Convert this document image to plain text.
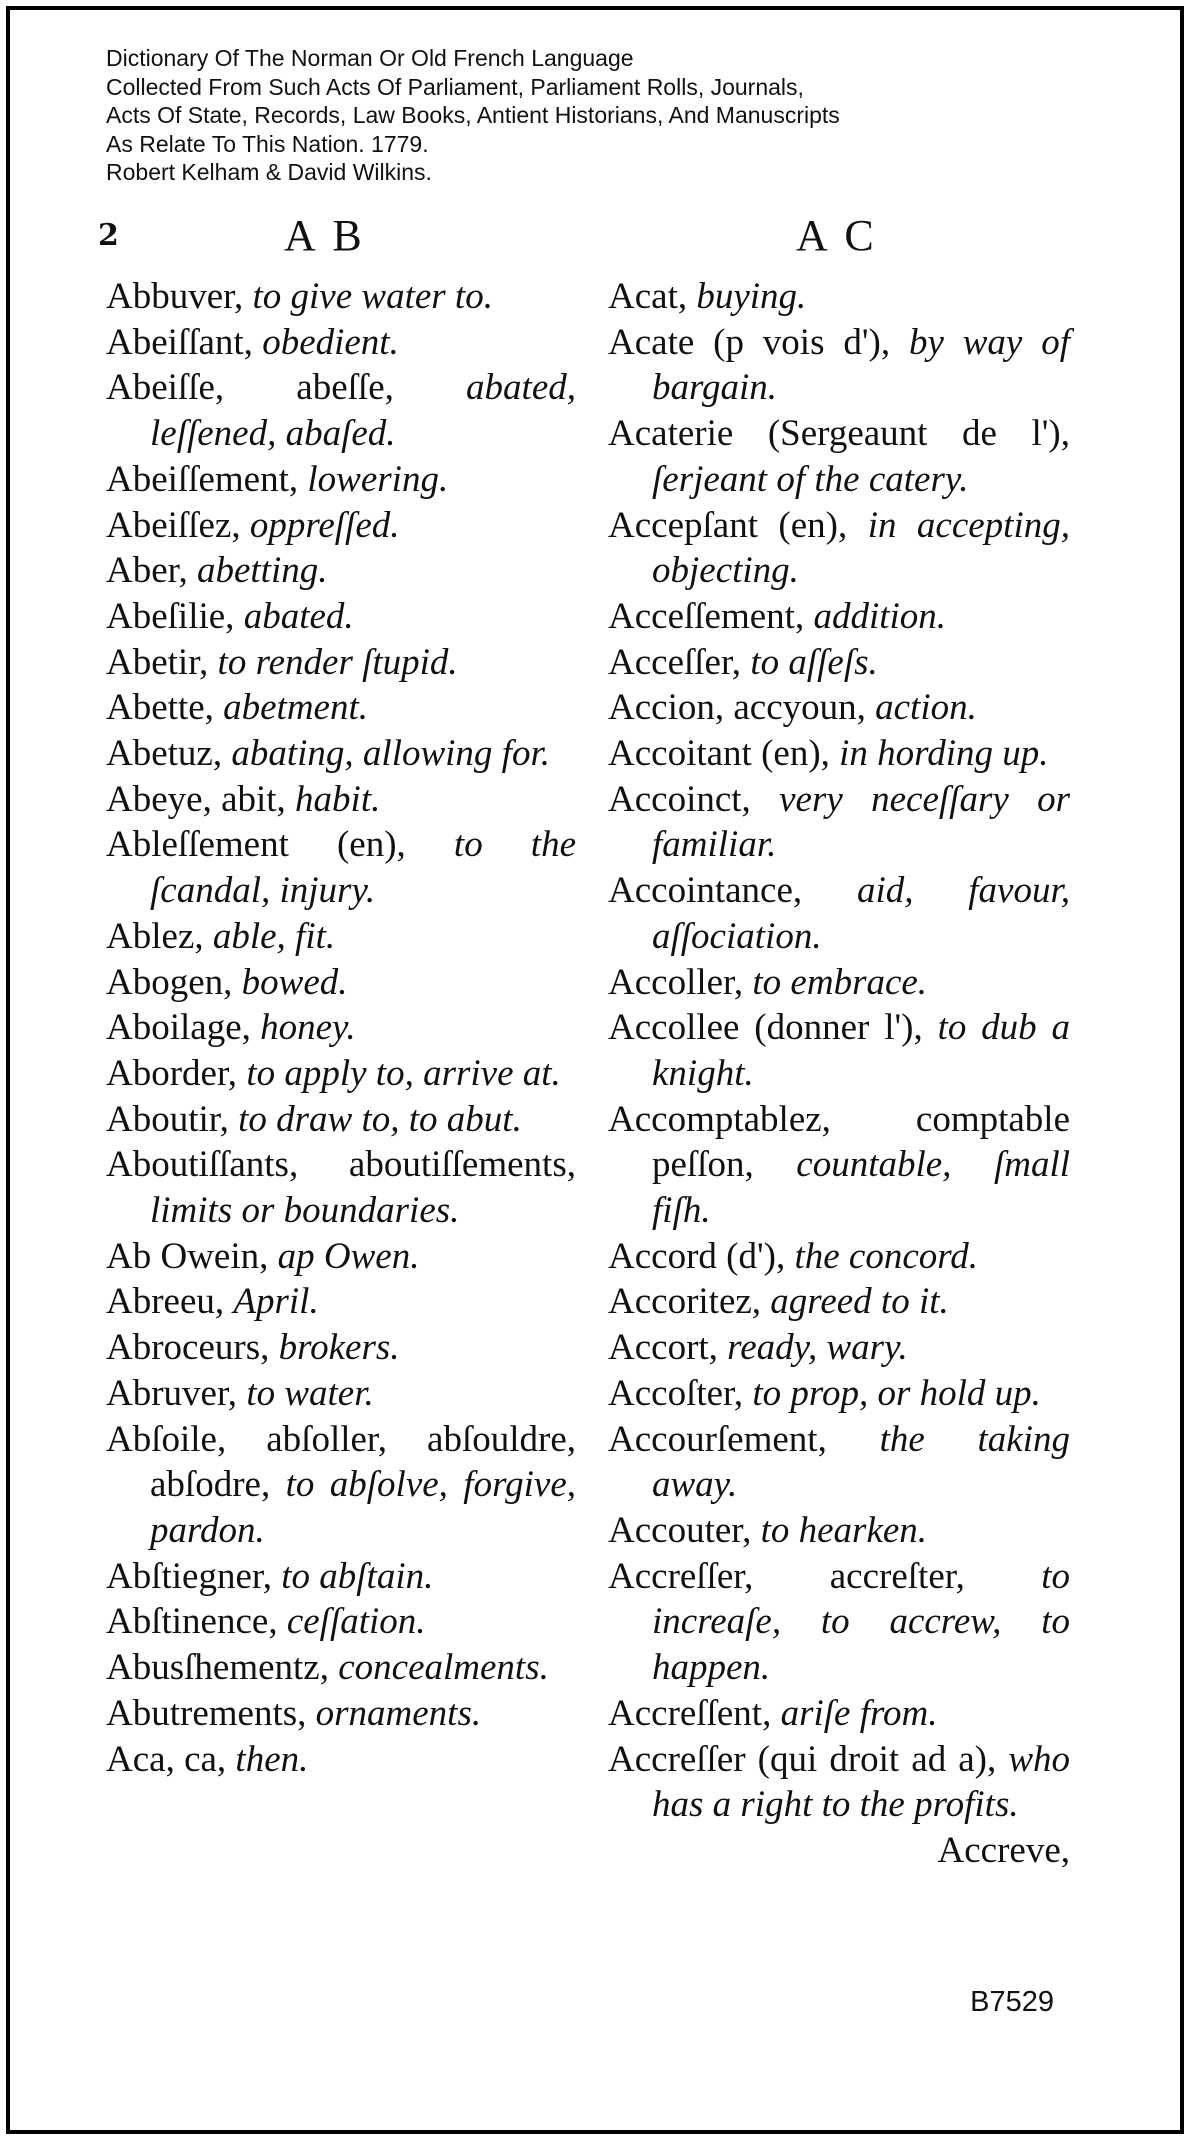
Dictionary Of The Norman Or Old French Language
Collected From Such Acts Of Parliament, Parliament Rolls, Journals,
Acts Of State, Records, Law Books, Antient Historians, And Manuscripts
As Relate To This Nation. 1779.
Robert Kelham & David Wilkins.
2	A B	A C
Abbuver, to give water to.
Abeiſſant, obedient.
Abeiſſe, abeſſe, abated, leſſened, abaſed.
Abeiſſement, lowering.
Abeiſſez, oppreſſed.
Aber, abetting.
Abeſilie, abated.
Abetir, to render ſtupid.
Abette, abetment.
Abetuz, abating, allowing for.
Abeye, abit, habit.
Ableſſement (en), to the ſcandal, injury.
Ablez, able, fit.
Abogen, bowed.
Aboilage, honey.
Aborder, to apply to, arrive at.
Aboutir, to draw to, to abut.
Aboutiſſants, aboutiſſements, limits or boundaries.
Ab Owein, ap Owen.
Abreeu, April.
Abroceurs, brokers.
Abruver, to water.
Abſoile, abſoller, abſouldre, abſodre, to abſolve, forgive, pardon.
Abſtiegner, to abſtain.
Abſtinence, ceſſation.
Abusſhementz, concealments.
Abutrements, ornaments.
Aca, ca, then.
Acat, buying.
Acate (p vois d'), by way of bargain.
Acaterie (Sergeaunt de l'), ſerjeant of the catery.
Accepſant (en), in accepting, objecting.
Acceſſement, addition.
Acceſſer, to aſſeſs.
Accion, accyoun, action.
Accoitant (en), in hording up.
Accoinct, very neceſſary or familiar.
Accointance, aid, favour, aſſociation.
Accoller, to embrace.
Accollee (donner l'), to dub a knight.
Accomptablez, comptable peſſon, countable, ſmall fiſh.
Accord (d'), the concord.
Accoritez, agreed to it.
Accort, ready, wary.
Accoſter, to prop, or hold up.
Accourſement, the taking away.
Accouter, to hearken.
Accreſſer, accreſter, to increaſe, to accrew, to happen.
Accreſſent, ariſe from.
Accreſſer (qui droit ad a), who has a right to the profits.
Accreve,
B7529
